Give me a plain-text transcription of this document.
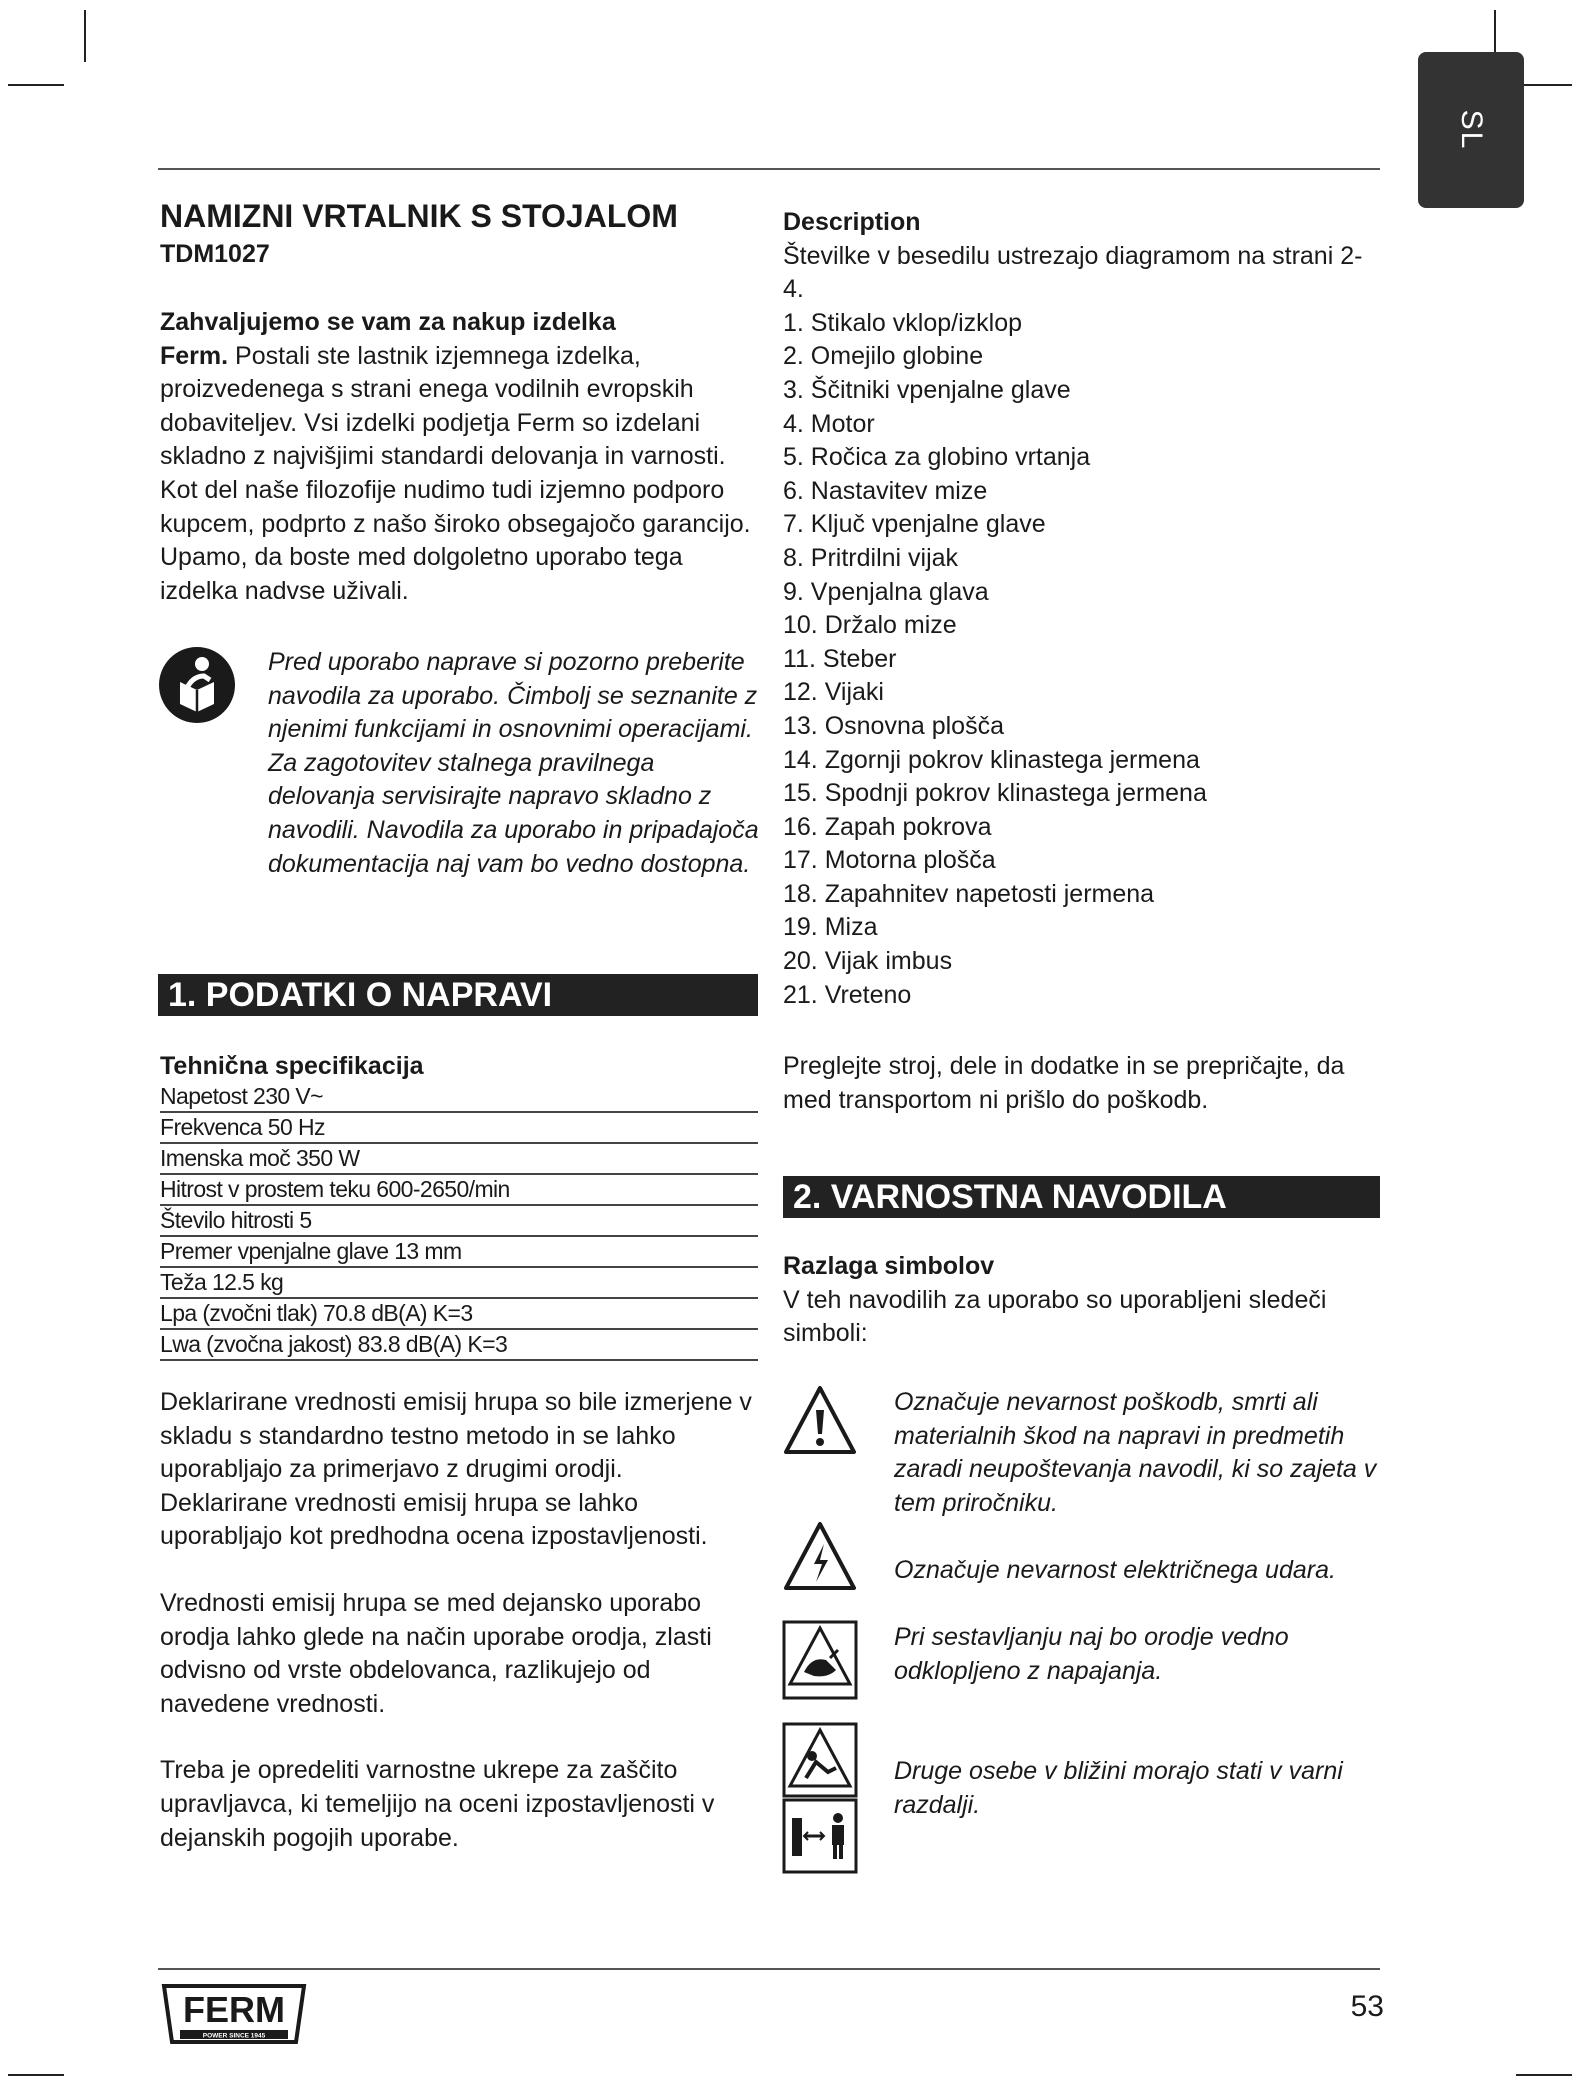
SL
NAMIZNI VRTALNIK S STOJALOM
TDM1027
Zahvaljujemo se vam za nakup izdelka

Ferm. Postali ste lastnik izjemnega izdelka, proizvedenega s strani enega vodilnih evropskih dobaviteljev. Vsi izdelki podjetja Ferm so izdelani skladno z najvišjimi standardi delovanja in varnosti. Kot del naše filozofije nudimo tudi izjemno podporo kupcem, podprto z našo široko obsegajočo garancijo. Upamo, da boste med dolgoletno uporabo tega izdelka nadvse uživali.

Pred uporabo naprave si pozorno preberite navodila za uporabo. Čimbolj se seznanite z njenimi funkcijami in osnovnimi operacijami. Za zagotovitev stalnega pravilnega delovanja servisirajte napravo skladno z navodili. Navodila za uporabo in pripadajoča dokumentacija naj vam bo vedno dostopna.

1. PODATKI O NAPRAVI
Tehnična specifikacija
Napetost 230 V~
Frekvenca 50 Hz
Imenska moč 350 W
Hitrost v prostem teku 600-2650/min
Število hitrosti 5
Premer vpenjalne glave 13 mm
Teža 12.5 kg
Lpa (zvočni tlak) 70.8 dB(A) K=3
Lwa (zvočna jakost) 83.8 dB(A) K=3

Deklarirane vrednosti emisij hrupa so bile izmerjene v skladu s standardno testno metodo in se lahko uporabljajo za primerjavo z drugimi orodji.

Deklarirane vrednosti emisij hrupa se lahko uporabljajo kot predhodna ocena izpostavljenosti.

Vrednosti emisij hrupa se med dejansko uporabo orodja lahko glede na način uporabe orodja, zlasti odvisno od vrste obdelovanca, razlikujejo od navedene vrednosti.

Treba je opredeliti varnostne ukrepe za zaščito upravljavca, ki temeljijo na oceni izpostavljenosti v dejanskih pogojih uporabe.

Description

Številke v besedilu ustrezajo diagramom na strani 2-4.

1. Stikalo vklop/izklop
2. Omejilo globine
3. Ščitniki vpenjalne glave
4. Motor
5. Ročica za globino vrtanja
6. Nastavitev mize
7. Ključ vpenjalne glave
8. Pritrdilni vijak
9. Vpenjalna glava
10. Držalo mize
11. Steber
12. Vijaki
13. Osnovna plošča
14. Zgornji pokrov klinastega jermena
15. Spodnji pokrov klinastega jermena
16. Zapah pokrova
17. Motorna plošča
18. Zapahnitev napetosti jermena
19. Miza
20. Vijak imbus
21. Vreteno

Preglejte stroj, dele in dodatke in se prepričajte, da med transportom ni prišlo do poškodb.

2. VARNOSTNA NAVODILA
Razlaga simbolov

V teh navodilih za uporabo so uporabljeni sledeči simboli:

Označuje nevarnost poškodb, smrti ali materialnih škod na napravi in predmetih zaradi neupoštevanja navodil, ki so zajeta v tem priročniku.

Označuje nevarnost električnega udara.

Pri sestavljanju naj bo orodje vedno odklopljeno z napajanja.

Druge osebe v bližini morajo stati v varni razdalji.

FERM
POWER SINCE 1945
53
